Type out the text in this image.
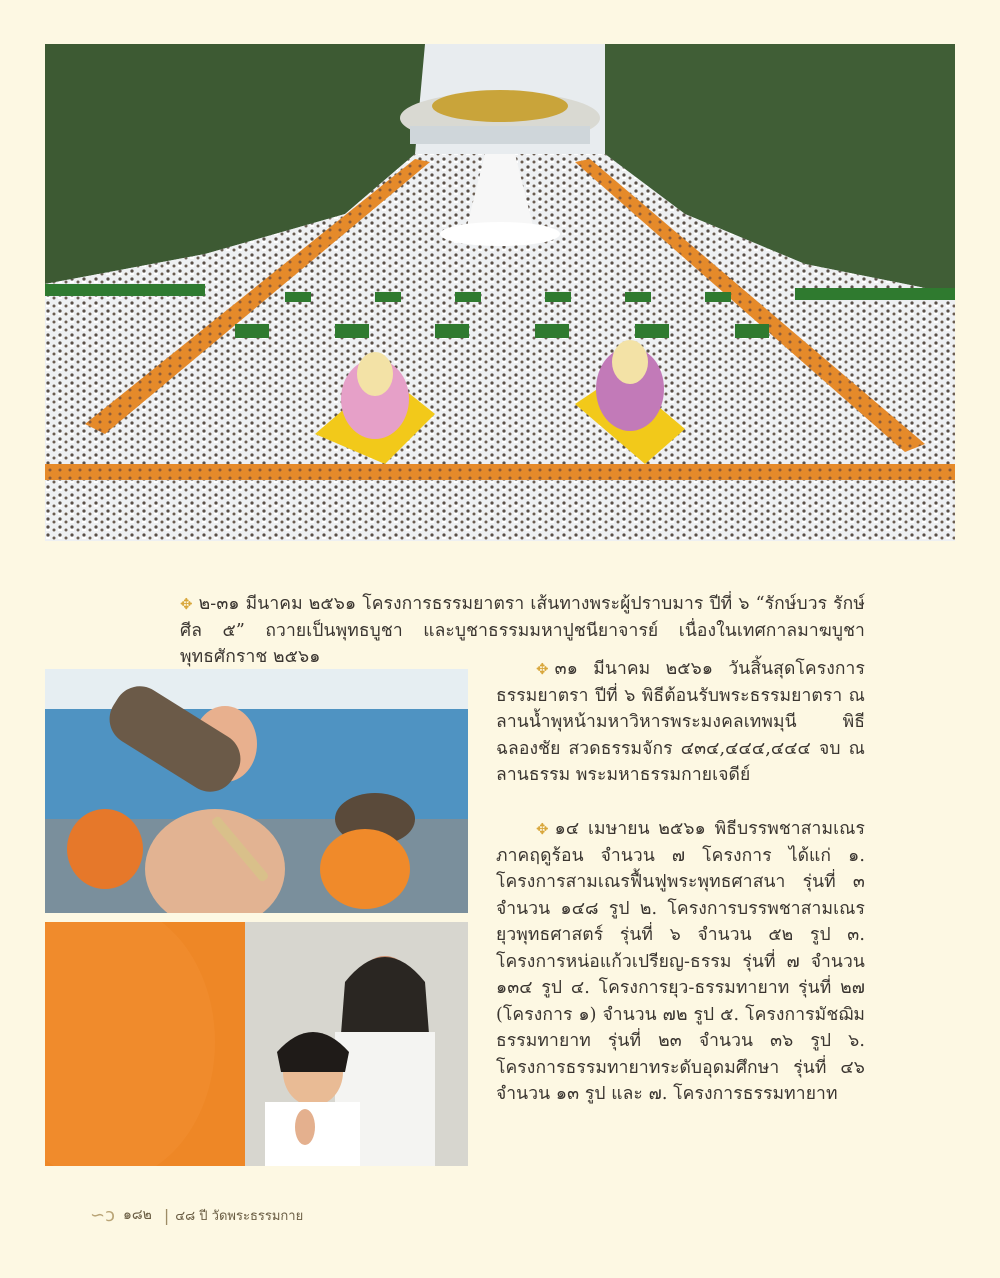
✥ ๒-๓๑ มีนาคม ๒๕๖๑ โครงการธรรมยาตรา เส้นทางพระผู้ปราบมาร ปีที่ ๖ “รักษ์บวร รักษ์ศีล ๕” ถวายเป็นพุทธบูชา และบูชาธรรมมหาปูชนียาจารย์ เนื่องในเทศกาลมาฆบูชา พุทธศักราช ๒๕๖๑

✥ ๓๑ มีนาคม ๒๕๖๑ วันสิ้นสุดโครงการธรรมยาตรา ปีที่ ๖ พิธีต้อนรับพระธรรมยาตรา ณ ลานน้ำพุหน้ามหาวิหารพระมงคลเทพมุนี พิธีฉลองชัย สวดธรรมจักร ๔๓๔,๔๔๔,๔๔๔ จบ ณ ลานธรรม พระมหาธรรมกายเจดีย์

✥ ๑๔ เมษายน ๒๕๖๑ พิธีบรรพชาสามเณรภาคฤดูร้อน จำนวน ๗ โครงการ ได้แก่ ๑. โครงการสามเณรฟื้นฟูพระพุทธศาสนา รุ่นที่ ๓ จำนวน ๑๔๘ รูป ๒. โครงการบรรพชาสามเณรยุวพุทธศาสตร์ รุ่นที่ ๖ จำนวน ๕๒ รูป ๓. โครงการหน่อแก้วเปรียญ-ธรรม รุ่นที่ ๗ จำนวน ๑๓๔ รูป ๔. โครงการยุว-ธรรมทายาท รุ่นที่ ๒๗ (โครงการ ๑) จำนวน ๗๒ รูป ๕. โครงการมัชฌิมธรรมทายาท รุ่นที่ ๒๓ จำนวน ๓๖ รูป ๖. โครงการธรรมทายาทระดับอุดมศึกษา รุ่นที่ ๔๖ จำนวน ๑๓ รูป และ ๗. โครงการธรรมทายาท

∽ↄ ๑๘๒ | ๔๘ ปี วัดพระธรรมกาย
